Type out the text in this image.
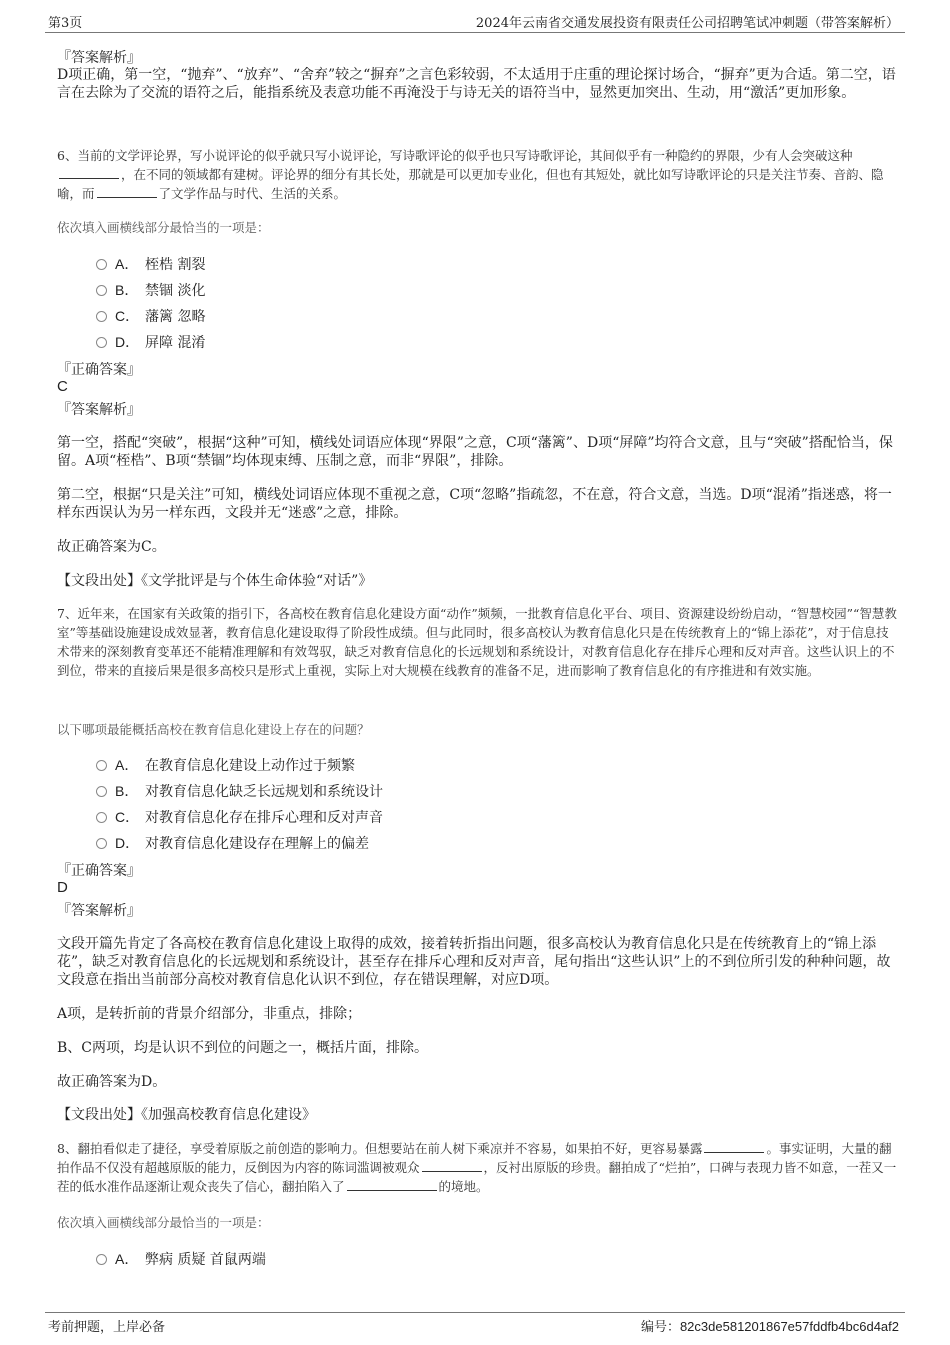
第3页	2024年云南省交通发展投资有限责任公司招聘笔试冲刺题（带答案解析）
『答案解析』
D项正确，第一空，“抛弃”、“放弃”、“舍弃”较之“摒弃”之言色彩较弱，不太适用于庄重的理论探讨场合，“摒弃”更为合适。第二空，语言在去除为了交流的语符之后，能指系统及表意功能不再淹没于与诗无关的语符当中，显然更加突出、生动，用“激活”更加形象。
6、当前的文学评论界，写小说评论的似乎就只写小说评论，写诗歌评论的似乎也只写诗歌评论，其间似乎有一种隐约的界限，少有人会突破这种，在不同的领域都有建树。评论界的细分有其长处，那就是可以更加专业化，但也有其短处，就比如写诗歌评论的只是关注节奏、音韵、隐喻，而	了文学作品与时代、生活的关系。
依次填入画横线部分最恰当的一项是：
A． 桎梏 割裂
B． 禁锢 淡化
C． 藩篱 忽略
D． 屏障 混淆
『正确答案』
C
『答案解析』
第一空，搭配“突破”，根据“这种”可知，横线处词语应体现“界限”之意，C项“藩篱”、D项“屏障”均符合文意，且与“突破”搭配恰当，保留。A项“桎梏”、B项“禁锢”均体现束缚、压制之意，而非“界限”，排除。
第二空，根据“只是关注”可知，横线处词语应体现不重视之意，C项“忽略”指疏忽，不在意，符合文意，当选。D项“混淆”指迷惑，将一样东西误认为另一样东西，文段并无“迷惑”之意，排除。
故正确答案为C。
【文段出处】《文学批评是与个体生命体验“对话”》
7、近年来，在国家有关政策的指引下，各高校在教育信息化建设方面“动作”频频，一批教育信息化平台、项目、资源建设纷纷启动，“智慧校园”“智慧教室”等基础设施建设成效显著，教育信息化建设取得了阶段性成绩。但与此同时，很多高校认为教育信息化只是在传统教育上的“锦上添花”，对于信息技术带来的深刻教育变革还不能精准理解和有效驾驭，缺乏对教育信息化的长远规划和系统设计，对教育信息化存在排斥心理和反对声音。这些认识上的不到位，带来的直接后果是很多高校只是形式上重视，实际上对大规模在线教育的准备不足，进而影响了教育信息化的有序推进和有效实施。
以下哪项最能概括高校在教育信息化建设上存在的问题？
A． 在教育信息化建设上动作过于频繁
B． 对教育信息化缺乏长远规划和系统设计
C． 对教育信息化存在排斥心理和反对声音
D． 对教育信息化建设存在理解上的偏差
『正确答案』
D
『答案解析』
文段开篇先肯定了各高校在教育信息化建设上取得的成效，接着转折指出问题，很多高校认为教育信息化只是在传统教育上的“锦上添花”，缺乏对教育信息化的长远规划和系统设计，甚至存在排斥心理和反对声音，尾句指出“这些认识”上的不到位所引发的种种问题，故文段意在指出当前部分高校对教育信息化认识不到位，存在错误理解，对应D项。
A项，是转折前的背景介绍部分，非重点，排除；
B、C两项，均是认识不到位的问题之一，概括片面，排除。
故正确答案为D。
【文段出处】《加强高校教育信息化建设》
8、翻拍看似走了捷径，享受着原版之前创造的影响力。但想要站在前人树下乘凉并不容易，如果拍不好，更容易暴露	。事实证明，大量的翻拍作品不仅没有超越原版的能力，反倒因为内容的陈词滥调被观众	，反衬出原版的珍贵。翻拍成了“烂拍”，口碑与表现力皆不如意，一茬又一茬的低水准作品逐渐让观众丧失了信心，翻拍陷入了	的境地。
依次填入画横线部分最恰当的一项是：
A． 弊病 质疑 首鼠两端
考前押题，上岸必备	编号：82c3de581201867e57fddfb4bc6d4af2
